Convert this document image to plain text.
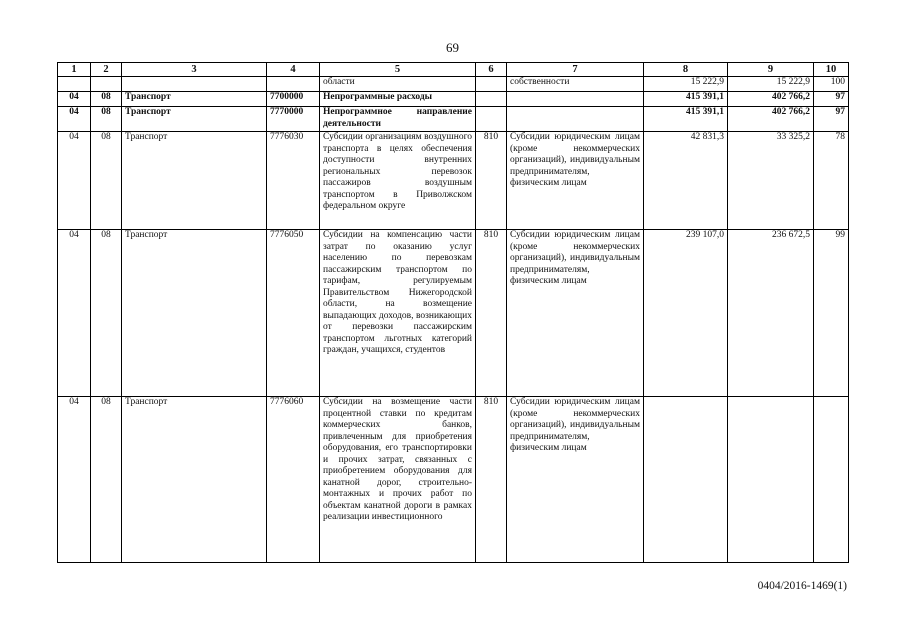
69
1	2	3	4	5	6	7	8	9	10
				области		собственности	15 222,9	15 222,9	100
04	08	Транспорт	7700000	Непрограммные расходы			415 391,1	402 766,2	97
04	08	Транспорт	7770000	Непрограммное направление деятельности			415 391,1	402 766,2	97
04	08	Транспорт	7776030	Субсидии организациям воздушного транспорта в целях обеспечения доступности внутренних региональных перевозок пассажиров воздушным транспортом в Приволжском федеральном округе	810	Субсидии юридическим лицам (кроме некоммерческих организаций), индивидуальным предпринимателям, физическим лицам	42 831,3	33 325,2	78
04	08	Транспорт	7776050	Субсидии на компенсацию части затрат по оказанию услуг населению по перевозкам пассажирским транспортом по тарифам, регулируемым Правительством Нижегородской области, на возмещение выпадающих доходов, возникающих от перевозки пассажирским транспортом льготных категорий граждан, учащихся, студентов	810	Субсидии юридическим лицам (кроме некоммерческих организаций), индивидуальным предпринимателям, физическим лицам	239 107,0	236 672,5	99
04	08	Транспорт	7776060	Субсидии на возмещение части процентной ставки по кредитам коммерческих банков, привлеченным для приобретения оборудования, его транспортировки и прочих затрат, связанных с приобретением оборудования для канатной дорог, строительно-монтажных и прочих работ по объектам канатной дороги в рамках реализации инвестиционного	810	Субсидии юридическим лицам (кроме некоммерческих организаций), индивидуальным предпринимателям, физическим лицам			
0404/2016-1469(1)
